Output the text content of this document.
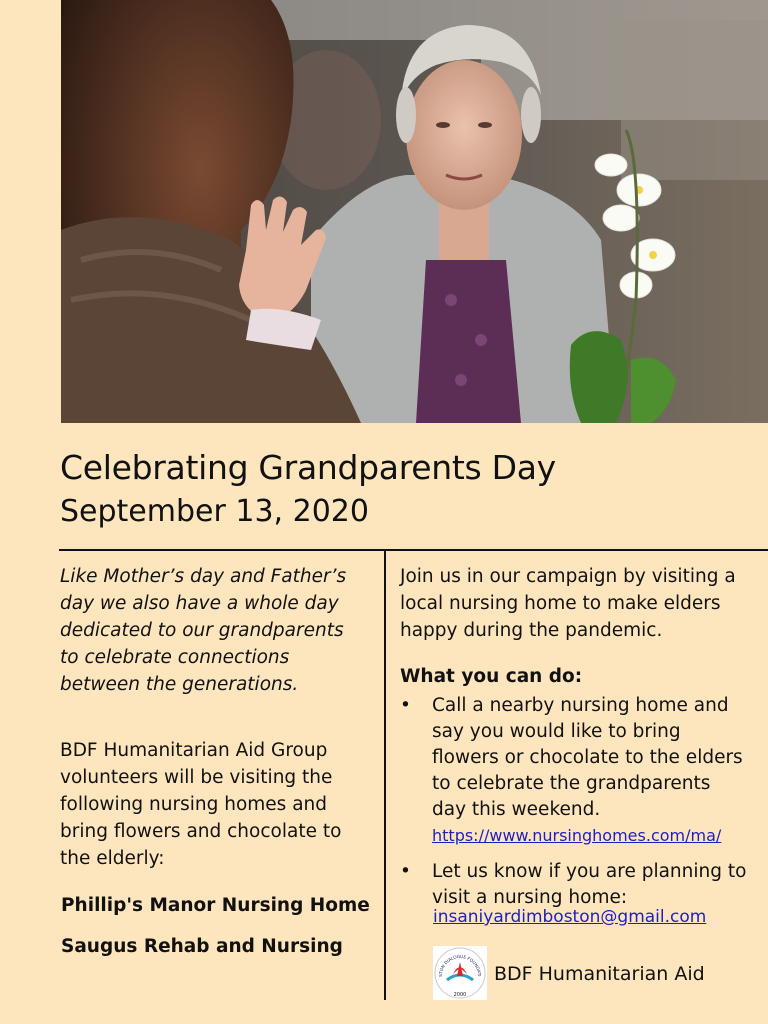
Celebrating Grandparents Day
September 13, 2020

Like Mother’s day and Father’s day we also have a whole day dedicated to our grandparents to celebrate connections between the generations.

BDF Humanitarian Aid Group volunteers will be visiting the following nursing homes and bring flowers and chocolate to the elderly:

Phillip's Manor Nursing Home
Saugus Rehab and Nursing

Join us in our campaign by visiting a local nursing home to make elders happy during the pandemic.

What you can do:

• Call a nearby nursing home and say you would like to bring flowers or chocolate to the elders to celebrate the grandparents day this weekend.
https://www.nursinghomes.com/ma/
• Let us know if you are planning to visit a nursing home:
insaniyardimboston@gmail.com
STON DIALOGUE FOUNDATI
2000
BDF Humanitarian Aid
